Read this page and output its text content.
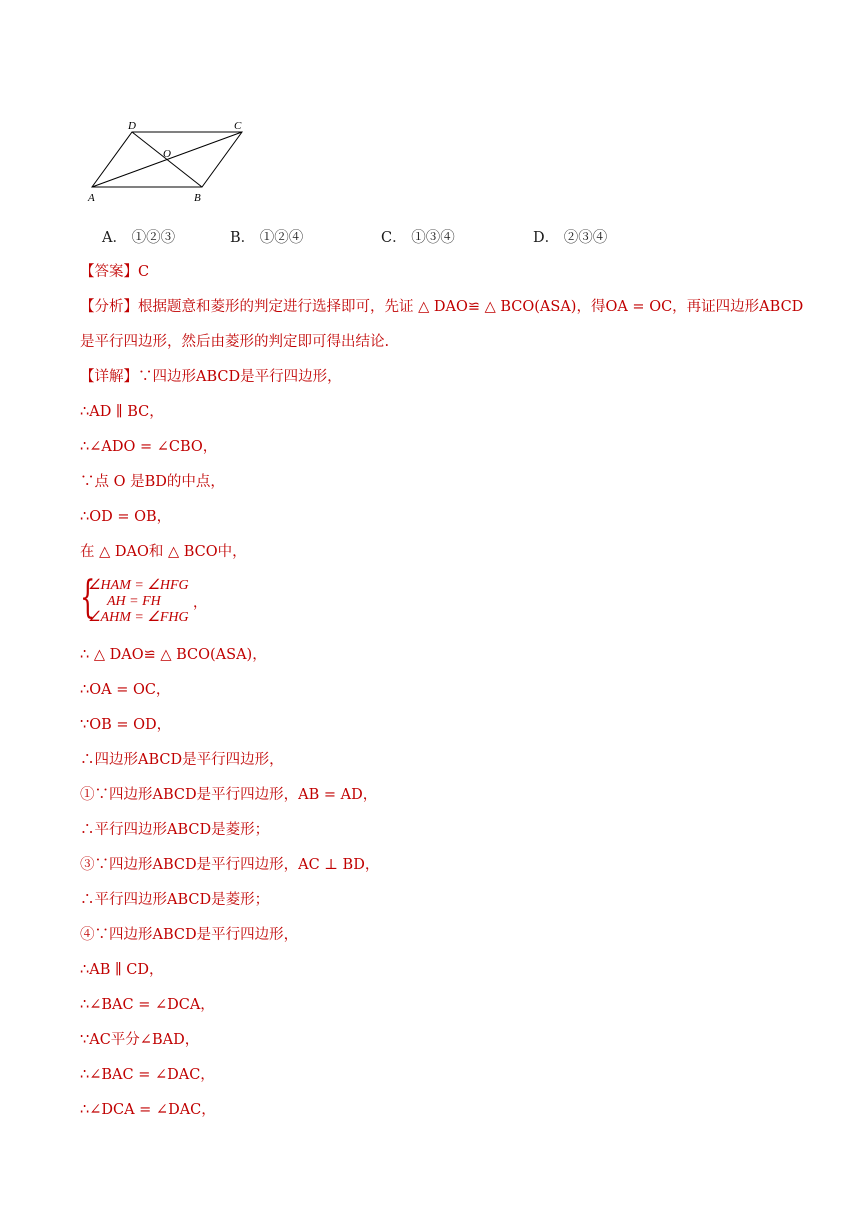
D	C
O
A	B
A． ①②③	B． ①②④	C． ①③④	D． ②③④
【答案】C
【分析】根据题意和菱形的判定进行选择即可，先证 △ DAO≌ △ BCO(ASA)，得OA = OC，再证四边形ABCD
是平行四边形，然后由菱形的判定即可得出结论.
【详解】∵四边形ABCD是平行四边形，
∴AD ∥ BC，
∴∠ADO = ∠CBO，
∵点 O 是BD的中点，
∴OD = OB，
在 △ DAO和 △ BCO中，
{
∠HAM = ∠HFG
AH = FH
∠AHM = ∠FHG
，
∴ △ DAO≌ △ BCO(ASA)，
∴OA = OC，
∵OB = OD，
∴四边形ABCD是平行四边形，
①∵四边形ABCD是平行四边形，AB = AD，
∴平行四边形ABCD是菱形；
③∵四边形ABCD是平行四边形，AC ⊥ BD，
∴平行四边形ABCD是菱形；
④∵四边形ABCD是平行四边形，
∴AB ∥ CD，
∴∠BAC = ∠DCA，
∵AC平分∠BAD，
∴∠BAC = ∠DAC，
∴∠DCA = ∠DAC，
